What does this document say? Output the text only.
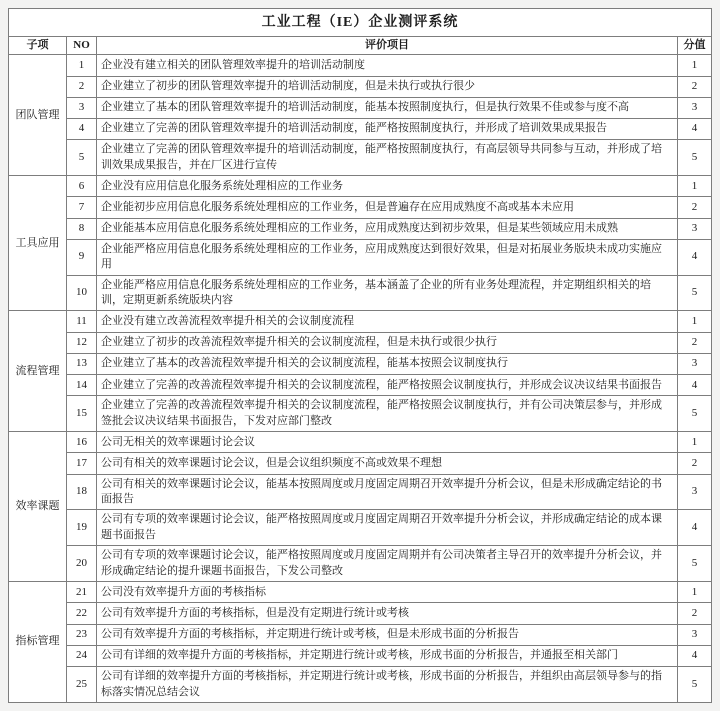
工业工程（IE）企业测评系统			
子项	NO	评价项目	分值
团队管理	1	企业没有建立相关的团队管理效率提升的培训活动制度	1
	2	企业建立了初步的团队管理效率提升的培训活动制度，但是未执行或执行很少	2
	3	企业建立了基本的团队管理效率提升的培训活动制度，能基本按照制度执行，但是执行效果不佳或参与度不高	3
	4	企业建立了完善的团队管理效率提升的培训活动制度，能严格按照制度执行，并形成了培训效果成果报告	4
	5	企业建立了完善的团队管理效率提升的培训活动制度，能严格按照制度执行，有高层领导共同参与互动，并形成了培训效果成果报告，并在厂区进行宣传	5
工具应用	6	企业没有应用信息化服务系统处理相应的工作业务	1
	7	企业能初步应用信息化服务系统处理相应的工作业务，但是普遍存在应用成熟度不高或基本未应用	2
	8	企业能基本应用信息化服务系统处理相应的工作业务，应用成熟度达到初步效果，但是某些领域应用未成熟	3
	9	企业能严格应用信息化服务系统处理相应的工作业务，应用成熟度达到很好效果，但是对拓展业务版块未成功实施应用	4
	10	企业能严格应用信息化服务系统处理相应的工作业务，基本涵盖了企业的所有业务处理流程，并定期组织相关的培训，定期更新系统版块内容	5
流程管理	11	企业没有建立改善流程效率提升相关的会议制度流程	1
	12	企业建立了初步的改善流程效率提升相关的会议制度流程，但是未执行或很少执行	2
	13	企业建立了基本的改善流程效率提升相关的会议制度流程，能基本按照会议制度执行	3
	14	企业建立了完善的改善流程效率提升相关的会议制度流程，能严格按照会议制度执行，并形成会议决议结果书面报告	4
	15	企业建立了完善的改善流程效率提升相关的会议制度流程，能严格按照会议制度执行，并有公司决策层参与，并形成签批会议决议结果书面报告，下发对应部门整改	5
效率课题	16	公司无相关的效率课题讨论会议	1
	17	公司有相关的效率课题讨论会议，但是会议组织频度不高或效果不理想	2
	18	公司有相关的效率课题讨论会议，能基本按照周度或月度固定周期召开效率提升分析会议，但是未形成确定结论的书面报告	3
	19	公司有专项的效率课题讨论会议，能严格按照周度或月度固定周期召开效率提升分析会议，并形成确定结论的成本课题书面报告	4
	20	公司有专项的效率课题讨论会议，能严格按照周度或月度固定周期并有公司决策者主导召开的效率提升分析会议，并形成确定结论的提升课题书面报告，下发公司整改	5
指标管理	21	公司没有效率提升方面的考核指标	1
	22	公司有效率提升方面的考核指标，但是没有定期进行统计或考核	2
	23	公司有效率提升方面的考核指标，并定期进行统计或考核，但是未形成书面的分析报告	3
	24	公司有详细的效率提升方面的考核指标，并定期进行统计或考核，形成书面的分析报告，并通报至相关部门	4
	25	公司有详细的效率提升方面的考核指标，并定期进行统计或考核，形成书面的分析报告，并组织由高层领导参与的指标落实情况总结会议	5
